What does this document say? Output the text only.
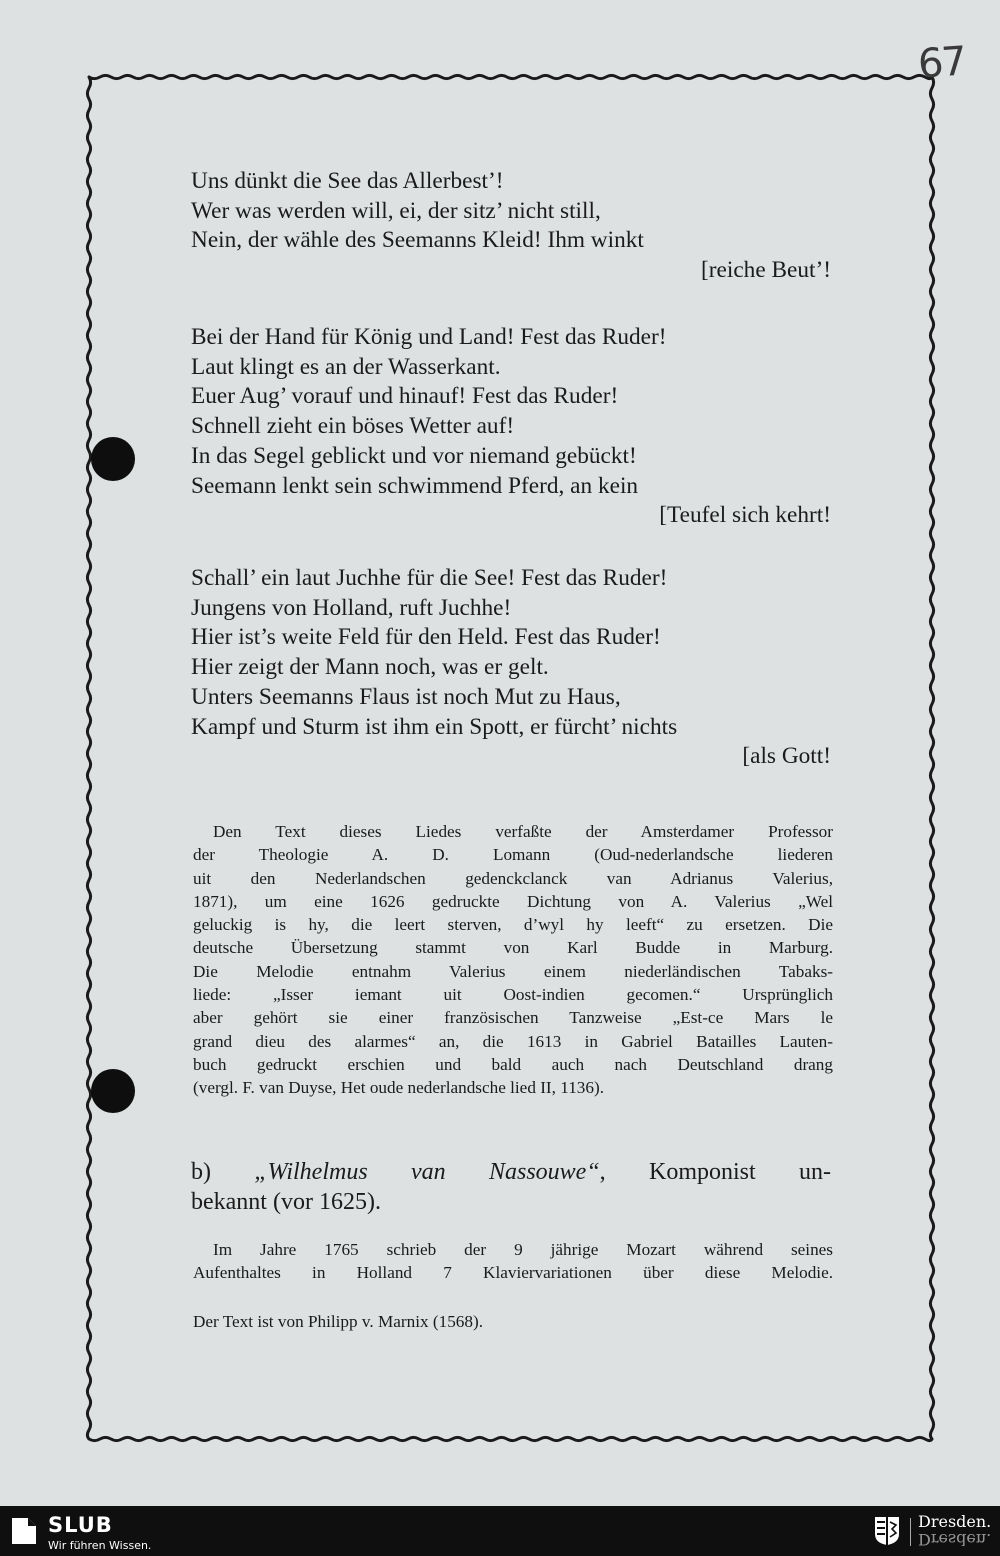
67
Uns dünkt die See das Allerbest’!
Wer was werden will, ei, der sitz’ nicht still,
Nein, der wähle des Seemanns Kleid! Ihm winkt
[reiche Beut’!
Bei der Hand für König und Land! Fest das Ruder!
Laut klingt es an der Wasserkant.
Euer Aug’ vorauf und hinauf! Fest das Ruder!
Schnell zieht ein böses Wetter auf!
In das Segel geblickt und vor niemand gebückt!
Seemann lenkt sein schwimmend Pferd, an kein
[Teufel sich kehrt!
Schall’ ein laut Juchhe für die See! Fest das Ruder!
Jungens von Holland, ruft Juchhe!
Hier ist’s weite Feld für den Held. Fest das Ruder!
Hier zeigt der Mann noch, was er gelt.
Unters Seemanns Flaus ist noch Mut zu Haus,
Kampf und Sturm ist ihm ein Spott, er fürcht’ nichts
[als Gott!
Den Text dieses Liedes verfaßte der Amsterdamer Professor
der Theologie A. D. Lomann (Oud-nederlandsche liederen
uit den Nederlandschen gedenckclanck van Adrianus Valerius,
1871), um eine 1626 gedruckte Dichtung von A. Valerius „Wel
geluckig is hy, die leert sterven, d’wyl hy leeft“ zu ersetzen. Die
deutsche Übersetzung stammt von Karl Budde in Marburg.
Die Melodie entnahm Valerius einem niederländischen Tabaks-
liede: „Isser iemant uit Oost-indien gecomen.“ Ursprünglich
aber gehört sie einer französischen Tanzweise „Est-ce Mars le
grand dieu des alarmes“ an, die 1613 in Gabriel Batailles Lauten-
buch gedruckt erschien und bald auch nach Deutschland drang
(vergl. F. van Duyse, Het oude nederlandsche lied II, 1136).
b) „Wilhelmus van Nassouwe“, Komponist un-
bekannt (vor 1625).
Im Jahre 1765 schrieb der 9 jährige Mozart während seines
Aufenthaltes in Holland 7 Klaviervariationen über diese Melodie.
Der Text ist von Philipp v. Marnix (1568).
SLUB
Wir führen Wissen.
Dresden.
Dresden.
